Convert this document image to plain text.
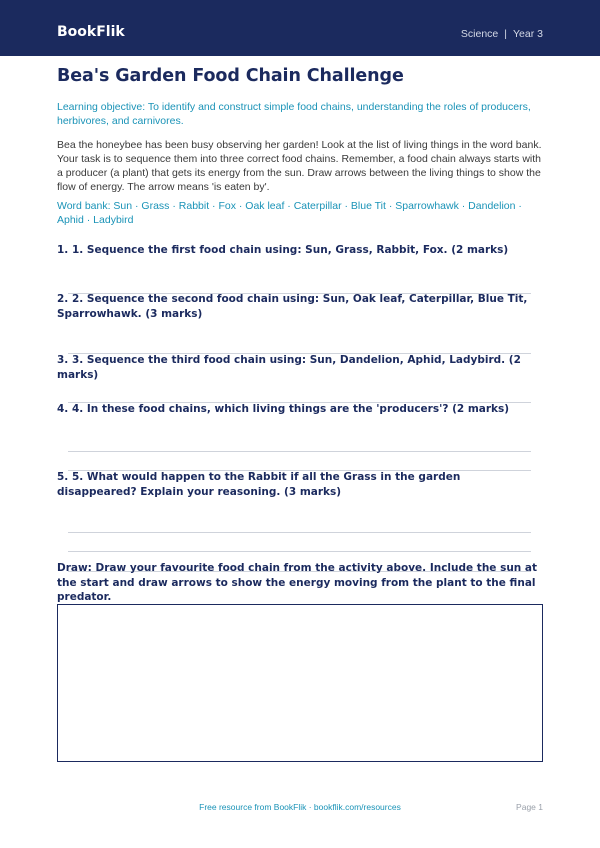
BookFlik	Science | Year 3
Bea's Garden Food Chain Challenge

Learning objective: To identify and construct simple food chains, understanding the roles of producers, herbivores, and carnivores.

Bea the honeybee has been busy observing her garden! Look at the list of living things in the word bank. Your task is to sequence them into three correct food chains. Remember, a food chain always starts with a producer (a plant) that gets its energy from the sun. Draw arrows between the living things to show the flow of energy. The arrow means 'is eaten by'.

Word bank: Sun · Grass · Rabbit · Fox · Oak leaf · Caterpillar · Blue Tit · Sparrowhawk · Dandelion · Aphid · Ladybird

1. 1. Sequence the first food chain using: Sun, Grass, Rabbit, Fox. (2 marks)

2. 2. Sequence the second food chain using: Sun, Oak leaf, Caterpillar, Blue Tit, Sparrowhawk. (3 marks)

3. 3. Sequence the third food chain using: Sun, Dandelion, Aphid, Ladybird. (2 marks)

4. 4. In these food chains, which living things are the 'producers'? (2 marks)

5. 5. What would happen to the Rabbit if all the Grass in the garden disappeared? Explain your reasoning. (3 marks)

Draw: Draw your favourite food chain from the activity above. Include the sun at the start and draw arrows to show the energy moving from the plant to the final predator.

Free resource from BookFlik · bookflik.com/resources	Page 1
